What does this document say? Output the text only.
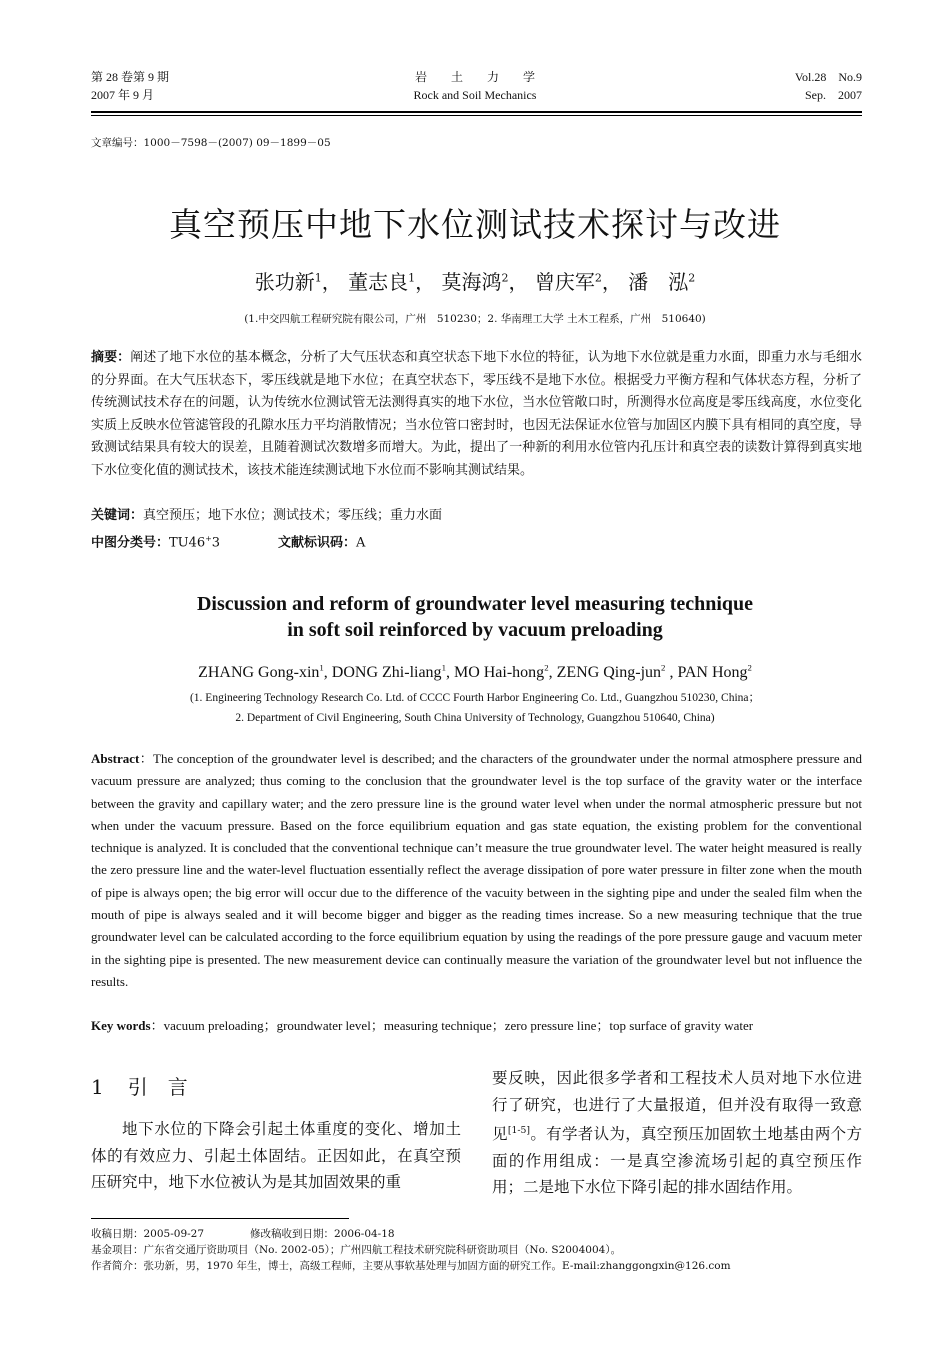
第 28 卷第 9 期
2007 年 9 月
岩　　土　　力　　学
Rock and Soil Mechanics
Vol.28　No.9
Sep.　2007
文章编号：1000－7598－(2007) 09－1899－05
真空预压中地下水位测试技术探讨与改进
张功新$^1$， 董志良$^1$， 莫海鸿$^2$， 曾庆军$^2$， 潘　泓$^2$
(1.中交四航工程研究院有限公司，广州　510230；2. 华南理工大学 土木工程系，广州　510640)
摘要：阐述了地下水位的基本概念，分析了大气压状态和真空状态下地下水位的特征，认为地下水位就是重力水面，即重力水与毛细水的分界面。在大气压状态下，零压线就是地下水位；在真空状态下，零压线不是地下水位。根据受力平衡方程和气体状态方程，分析了传统测试技术存在的问题，认为传统水位测试管无法测得真实的地下水位，当水位管敞口时，所测得水位高度是零压线高度，水位变化实质上反映水位管滤管段的孔隙水压力平均消散情况；当水位管口密封时，也因无法保证水位管与加固区内膜下具有相同的真空度，导致测试结果具有较大的误差，且随着测试次数增多而增大。为此，提出了一种新的利用水位管内孔压计和真空表的读数计算得到真实地下水位变化值的测试技术，该技术能连续测试地下水位而不影响其测试结果。
关键词：真空预压；地下水位；测试技术；零压线；重力水面
中图分类号：TU46+3	文献标识码：A
Discussion and reform of groundwater level measuring technique
in soft soil reinforced by vacuum preloading
ZHANG Gong-xin$^1$, DONG Zhi-liang$^1$, MO Hai-hong$^2$, ZENG Qing-jun$^2$ , PAN Hong$^2$
(1. Engineering Technology Research Co. Ltd. of CCCC Fourth Harbor Engineering Co. Ltd., Guangzhou 510230, China；
2. Department of Civil Engineering, South China University of Technology, Guangzhou 510640, China)
Abstract：The conception of the groundwater level is described; and the characters of the groundwater under the normal atmosphere pressure and vacuum pressure are analyzed; thus coming to the conclusion that the groundwater level is the top surface of the gravity water or the interface between the gravity and capillary water; and the zero pressure line is the ground water level when under the normal atmospheric pressure but not when under the vacuum pressure. Based on the force equilibrium equation and gas state equation, the existing problem for the conventional technique is analyzed. It is concluded that the conventional technique can’t measure the true groundwater level. The water height measured is really the zero pressure line and the water-level fluctuation essentially reflect the average dissipation of pore water pressure in filter zone when the mouth of pipe is always open; the big error will occur due to the difference of the vacuity between in the sighting pipe and under the sealed film when the mouth of pipe is always sealed and it will become bigger and bigger as the reading times increase. So a new measuring technique that the true groundwater level can be calculated according to the force equilibrium equation by using the readings of the pore pressure gauge and vacuum meter in the sighting pipe is presented. The new measurement device can continually measure the variation of the groundwater level but not influence the results.
Key words：vacuum preloading；groundwater level；measuring technique；zero pressure line；top surface of gravity water
1 引　言

地下水位的下降会引起土体重度的变化、增加土体的有效应力、引起土体固结。正因如此，在真空预压研究中，地下水位被认为是其加固效果的重

要反映，因此很多学者和工程技术人员对地下水位进行了研究，也进行了大量报道，但并没有取得一致意见[1-5]。有学者认为，真空预压加固软土地基由两个方面的作用组成：一是真空渗流场引起的真空预压作用；二是地下水位下降引起的排水固结作用。

收稿日期：2005-09-27	修改稿收到日期：2006-04-18
基金项目：广东省交通厅资助项目（No. 2002-05）；广州四航工程技术研究院科研资助项目（No. S2004004）。
作者简介：张功新，男，1970 年生，博士，高级工程师，主要从事软基处理与加固方面的研究工作。E-mail:zhanggongxin@126.com
